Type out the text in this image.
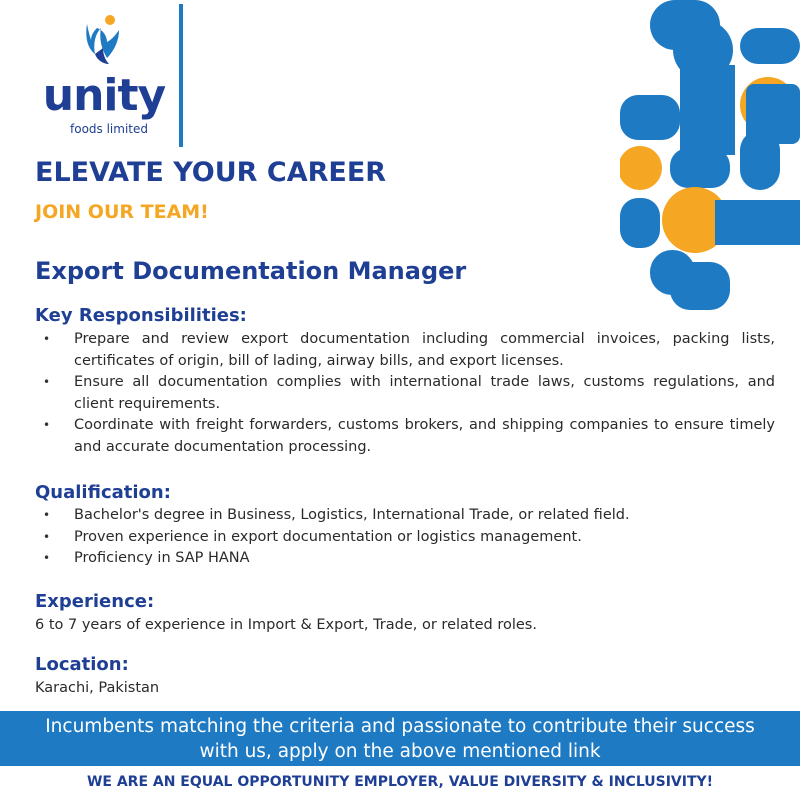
unity
foods limited
ELEVATE YOUR CAREER
JOIN OUR TEAM!
Export Documentation Manager
Key Responsibilities:
• Prepare and review export documentation including commercial invoices, packing lists, certificates of origin, bill of lading, airway bills, and export licenses.
• Ensure all documentation complies with international trade laws, customs regulations, and client requirements.
• Coordinate with freight forwarders, customs brokers, and shipping companies to ensure timely and accurate documentation processing.
Qualification:
• Bachelor's degree in Business, Logistics, International Trade, or related field.
• Proven experience in export documentation or logistics management.
• Proficiency in SAP HANA
Experience:
6 to 7 years of experience in Import & Export, Trade, or related roles.
Location:
Karachi, Pakistan
Incumbents matching the criteria and passionate to contribute their success
with us, apply on the above mentioned link
WE ARE AN EQUAL OPPORTUNITY EMPLOYER, VALUE DIVERSITY & INCLUSIVITY!
